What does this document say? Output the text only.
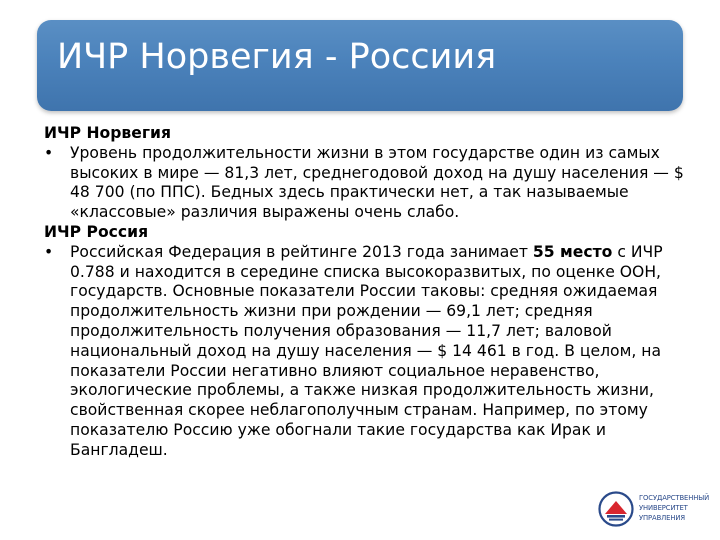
ИЧР Норвегия - Россиия

ИЧР Норвегия

•	Уровень продолжительности жизни в этом государстве один из самых высоких в мире — 81,3 лет, среднегодовой доход на душу населения — $ 48 700 (по ППС). Бедных здесь практически нет, а так называемые «классовые» различия выражены очень слабо.

ИЧР Россия

•	Российская Федерация в рейтинге 2013 года занимает 55 место с ИЧР 0.788 и находится в середине списка высокоразвитых, по оценке ООН, государств. Основные показатели России таковы: средняя ожидаемая продолжительность жизни при рождении — 69,1 лет; средняя продолжительность получения образования — 11,7 лет; валовой национальный доход на душу населения — $ 14 461 в год. В целом, на показатели России негативно влияют социальное неравенство, экологические проблемы, а также низкая продолжительность жизни, свойственная скорее неблагополучным странам. Например, по этому показателю Россию уже обогнали такие государства как Ирак и Бангладеш.
ГОСУДАРСТВЕННЫЙ
УНИВЕРСИТЕТ
УПРАВЛЕНИЯ
